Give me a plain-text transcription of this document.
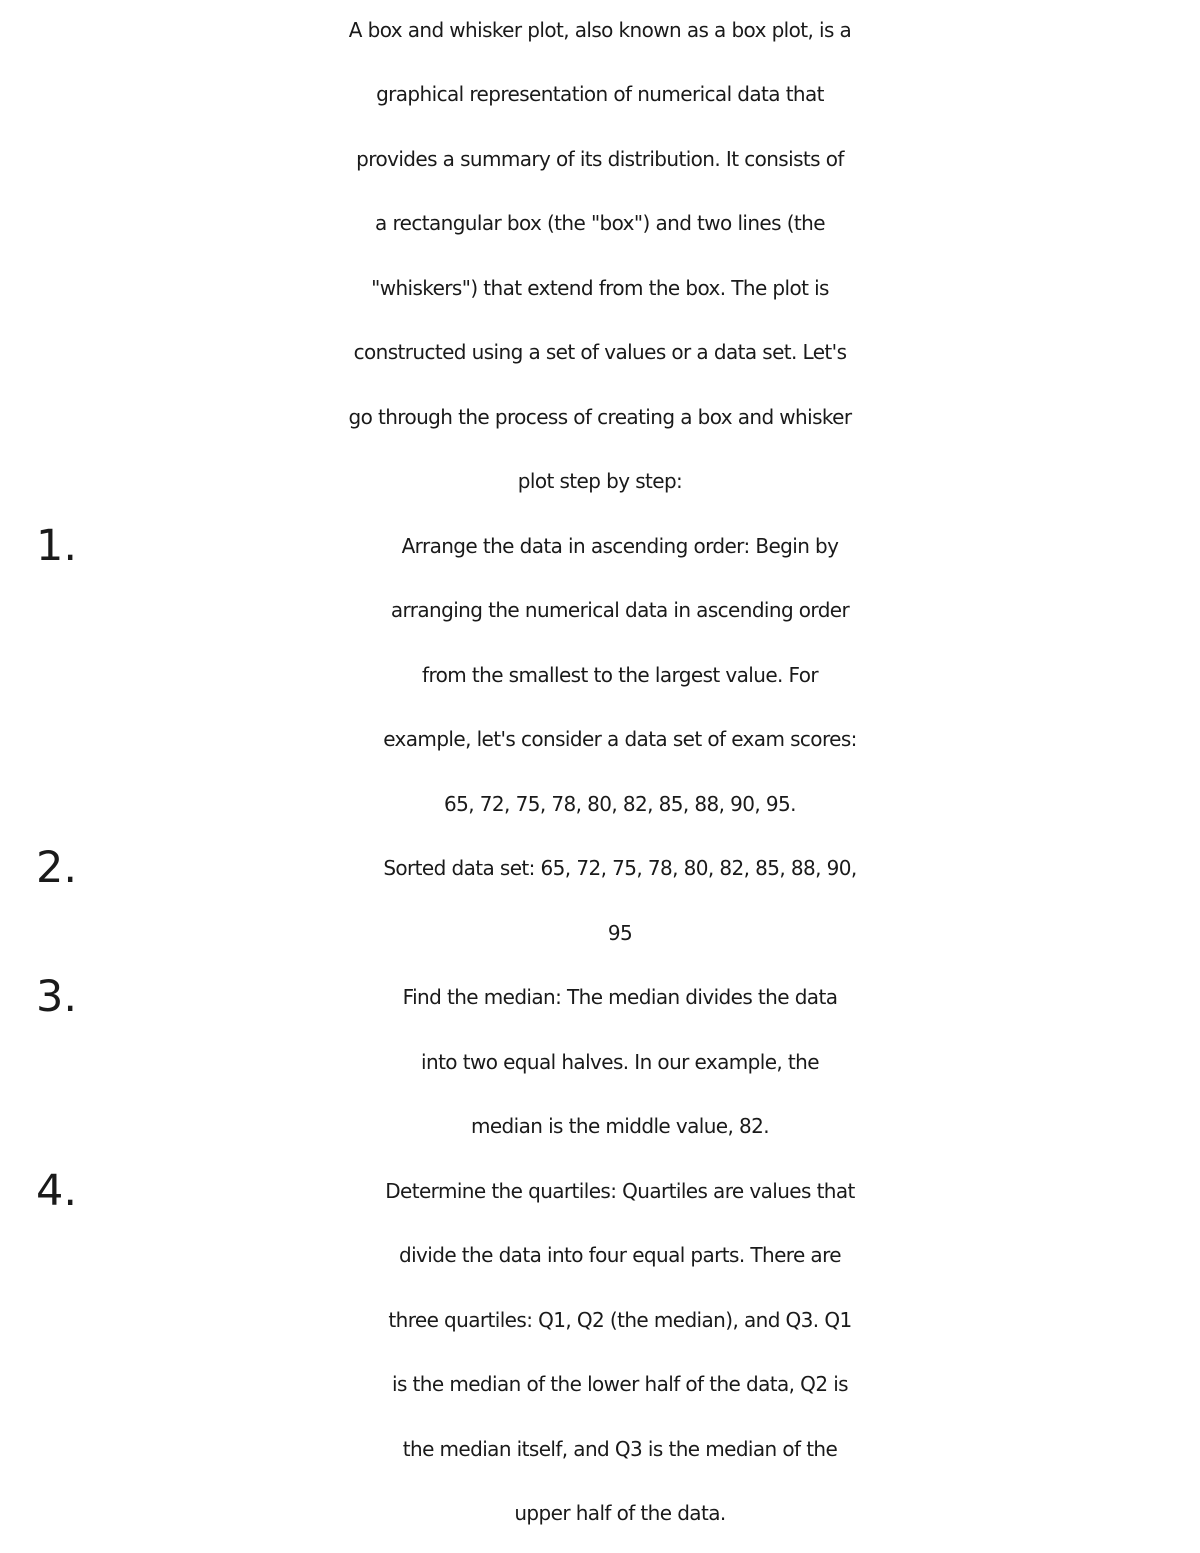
A box and whisker plot, also known as a box plot, is a
graphical representation of numerical data that
provides a summary of its distribution. It consists of
a rectangular box (the "box") and two lines (the
"whiskers") that extend from the box. The plot is
constructed using a set of values or a data set. Let's
go through the process of creating a box and whisker
plot step by step:
1.	Arrange the data in ascending order: Begin by
arranging the numerical data in ascending order
from the smallest to the largest value. For
example, let's consider a data set of exam scores:
65, 72, 75, 78, 80, 82, 85, 88, 90, 95.
2.	Sorted data set: 65, 72, 75, 78, 80, 82, 85, 88, 90,
95
3.	Find the median: The median divides the data
into two equal halves. In our example, the
median is the middle value, 82.
4.	Determine the quartiles: Quartiles are values that
divide the data into four equal parts. There are
three quartiles: Q1, Q2 (the median), and Q3. Q1
is the median of the lower half of the data, Q2 is
the median itself, and Q3 is the median of the
upper half of the data.
